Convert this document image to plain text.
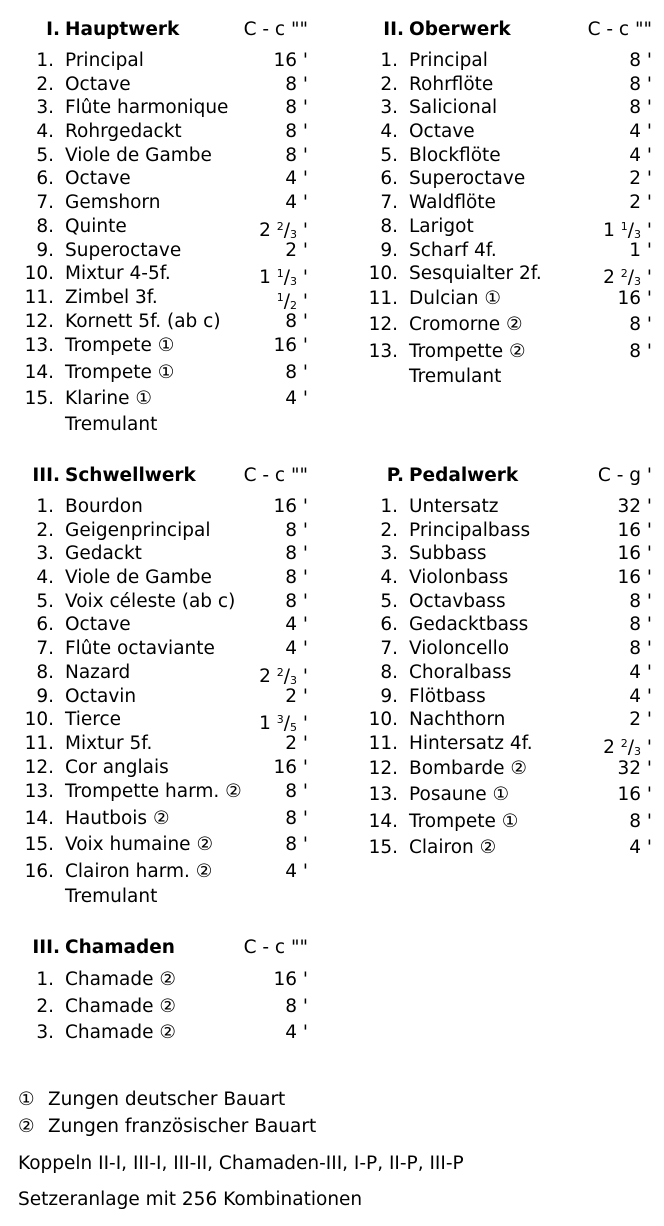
I. Hauptwerk	C - c ""
1. Principal	16 '
2. Octave	8 '
3. Flûte harmonique	8 '
4. Rohrgedackt	8 '
5. Viole de Gambe	8 '
6. Octave	4 '
7. Gemshorn	4 '
8. Quinte	2 $^2/_3$ '
9. Superoctave	2 '
10. Mixtur 4-5f.	1 $^1/_3$ '
11. Zimbel 3f.	$^1/_2$ '
12. Kornett 5f. (ab c)	8 '
13. Trompete ①	16 '
14. Trompete ①	8 '
15. Klarine ①	4 '
Tremulant
II. Oberwerk	C - c ""
1. Principal	8 '
2. Rohrflöte	8 '
3. Salicional	8 '
4. Octave	4 '
5. Blockflöte	4 '
6. Superoctave	2 '
7. Waldflöte	2 '
8. Larigot	1 $^1/_3$ '
9. Scharf 4f.	1 '
10. Sesquialter 2f.	2 $^2/_3$ '
11. Dulcian ①	16 '
12. Cromorne ②	8 '
13. Trompette ②	8 '
Tremulant
III. Schwellwerk	C - c ""
1. Bourdon	16 '
2. Geigenprincipal	8 '
3. Gedackt	8 '
4. Viole de Gambe	8 '
5. Voix céleste (ab c)	8 '
6. Octave	4 '
7. Flûte octaviante	4 '
8. Nazard	2 $^2/_3$ '
9. Octavin	2 '
10. Tierce	1 $^3/_5$ '
11. Mixtur 5f.	2 '
12. Cor anglais	16 '
13. Trompette harm. ② 8 '
14. Hautbois ②	8 '
15. Voix humaine ②	8 '
16. Clairon harm. ②	4 '
Tremulant
P. Pedalwerk	C - g '
1. Untersatz	32 '
2. Principalbass	16 '
3. Subbass	16 '
4. Violonbass	16 '
5. Octavbass	8 '
6. Gedacktbass	8 '
7. Violoncello	8 '
8. Choralbass	4 '
9. Flötbass	4 '
10. Nachthorn	2 '
11. Hintersatz 4f.	2 $^2/_3$ '
12. Bombarde ②	32 '
13. Posaune ①	16 '
14. Trompete ①	8 '
15. Clairon ②	4 '
III. Chamaden	C - c ""
1. Chamade ②	16 '
2. Chamade ②	8 '
3. Chamade ②	4 '
① Zungen deutscher Bauart
② Zungen französischer Bauart
Koppeln II-I, III-I, III-II, Chamaden-III, I-P, II-P, III-P
Setzeranlage mit 256 Kombinationen
